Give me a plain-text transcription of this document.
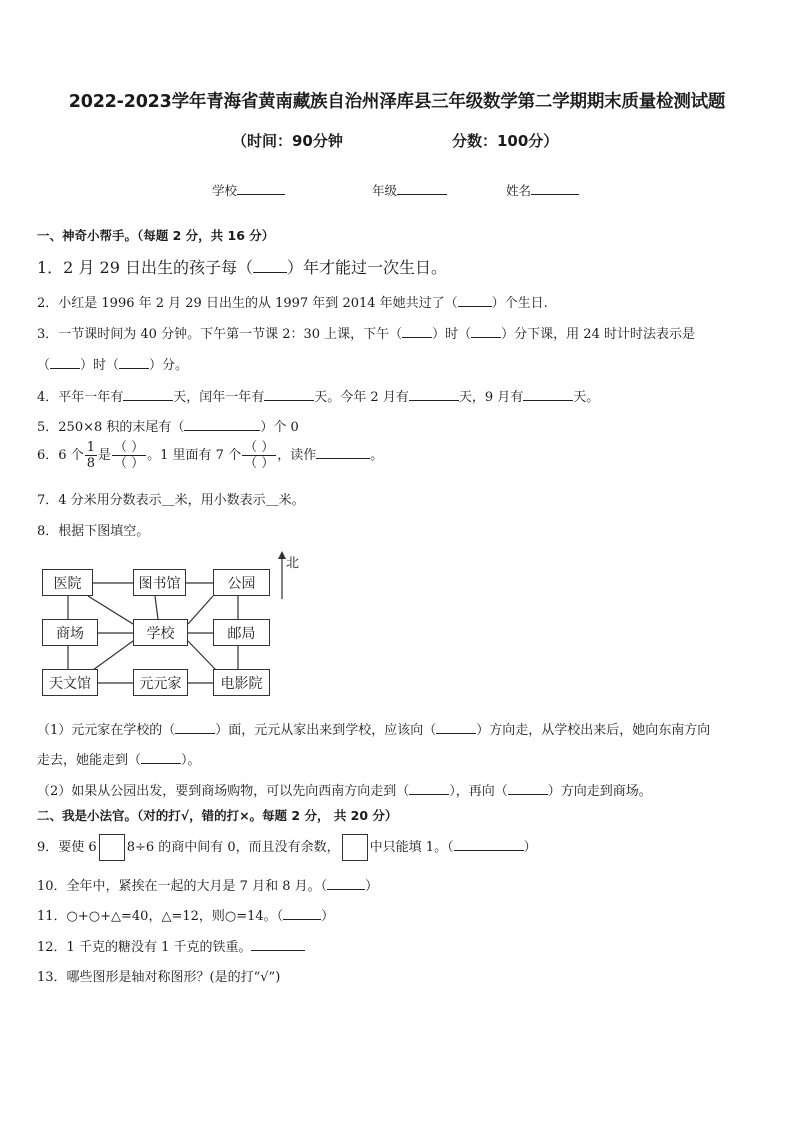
2022-2023学年青海省黄南藏族自治州泽库县三年级数学第二学期期末质量检测试题
（时间：90分钟	分数：100分）
学校	年级	姓名
一、神奇小帮手。（每题 2 分，共 16 分）
1．2 月 29 日出生的孩子每（ ）年才能过一次生日。
2．小红是 1996 年 2 月 29 日出生的从 1997 年到 2014 年她共过了（	）个生日.
3．一节课时间为 40 分钟。下午第一节课 2：30 上课，下午（ ）时（ ）分下课，用 24 时计时法表示是
（ ）时（ ）分。
4．平年一年有	天，闰年一年有	天。今年 2 月有	天，9 月有	天。
5．250×8 积的末尾有（	）个 0
6．6 个 $\frac{1}{8}$ 是 $\frac{( )}{( )}$ 。1 里面有 7 个 $\frac{( )}{( )}$ ，读作	。
7．4 分米用分数表示＿米，用小数表示＿米。
8．根据下图填空。
北
医院	图书馆	公园
商场	学校	邮局
天文馆	元元家	电影院
（1）元元家在学校的（	）面，元元从家出来到学校，应该向（	）方向走，从学校出来后，她向东南方向
走去，她能走到（	）。
（2）如果从公园出发，要到商场购物，可以先向西南方向走到（	），再向（	）方向走到商场。
二、我是小法官。（对的打√，错的打×。每题 2 分， 共 20 分）
9．要使 6 8÷6 的商中间有 0，而且没有余数， 中只能填 1。（	）
10．全年中，紧挨在一起的大月是 7 月和 8 月。（	）
11．○+○+△=40，△=12，则○=14。（	）
12．1 千克的糖没有 1 千克的铁重。
13．哪些图形是轴对称图形？(是的打“√”)
